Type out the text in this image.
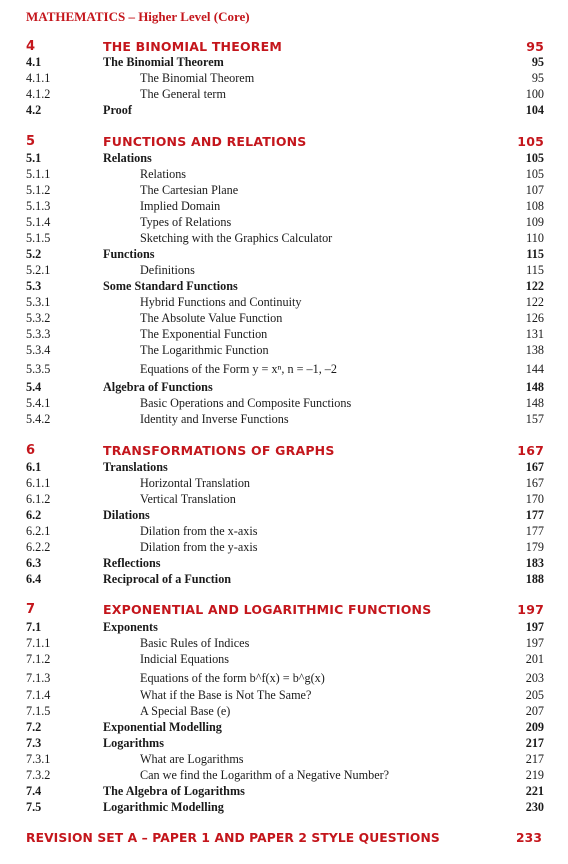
MATHEMATICS – Higher Level (Core)
4	THE BINOMIAL THEOREM	95
4.1	The Binomial Theorem	95
4.1.1	The Binomial Theorem	95
4.1.2	The General term	100
4.2	Proof	104
5	FUNCTIONS AND RELATIONS	105
5.1	Relations	105
5.1.1	Relations	105
5.1.2	The Cartesian Plane	107
5.1.3	Implied Domain	108
5.1.4	Types of Relations	109
5.1.5	Sketching with the Graphics Calculator	110
5.2	Functions	115
5.2.1	Definitions	115
5.3	Some Standard Functions	122
5.3.1	Hybrid Functions and Continuity	122
5.3.2	The Absolute Value Function	126
5.3.3	The Exponential Function	131
5.3.4	The Logarithmic Function	138
5.3.5	Equations of the Form y = xⁿ, n = –1, –2	144
5.4	Algebra of Functions	148
5.4.1	Basic Operations and Composite Functions	148
5.4.2	Identity and Inverse Functions	157
6	TRANSFORMATIONS OF GRAPHS	167
6.1	Translations	167
6.1.1	Horizontal Translation	167
6.1.2	Vertical Translation	170
6.2	Dilations	177
6.2.1	Dilation from the x-axis	177
6.2.2	Dilation from the y-axis	179
6.3	Reflections	183
6.4	Reciprocal of a Function	188
7	EXPONENTIAL AND LOGARITHMIC FUNCTIONS	197
7.1	Exponents	197
7.1.1	Basic Rules of Indices	197
7.1.2	Indicial Equations	201
7.1.3	Equations of the form b^f(x) = b^g(x)	203
7.1.4	What if the Base is Not The Same?	205
7.1.5	A Special Base (e)	207
7.2	Exponential Modelling	209
7.3	Logarithms	217
7.3.1	What are Logarithms	217
7.3.2	Can we find the Logarithm of a Negative Number?	219
7.4	The Algebra of Logarithms	221
7.5	Logarithmic Modelling	230
REVISION SET A – PAPER 1 AND PAPER 2 STYLE QUESTIONS	233
